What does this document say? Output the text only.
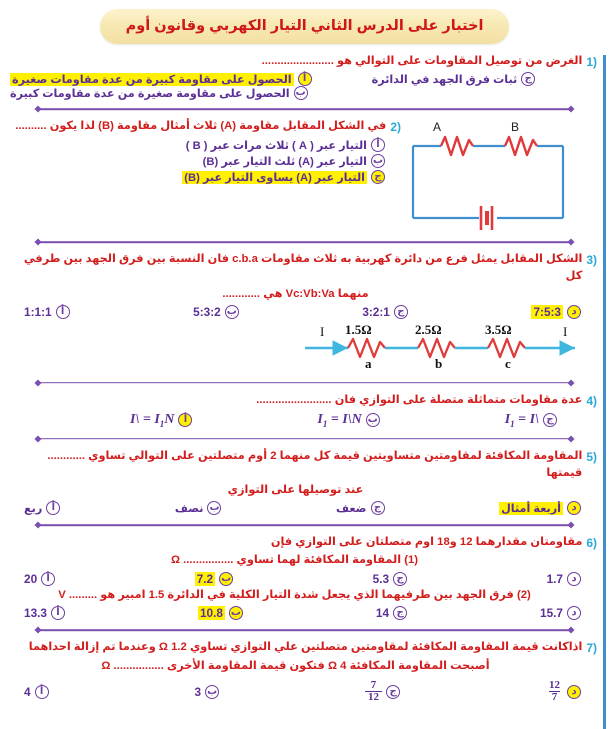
اختبار على الدرس الثاني التيار الكهربي وقانون أوم
1)
الغرض من توصيل المقاومات على التوالي هو .......................
ج
ثبات فرق الجهد في الدائرة
أ
الحصول على مقاومة كبيرة من عدة مقاومات صغيرة
ب
الحصول على مقاومة صغيرة من عدة مقاومات كبيرة
2)
في الشكل المقابل مقاومة (A) ثلاث أمثال مقاومة (B) لذا يكون ..........
أ
التيار عبر ( A ) ثلاث مرات عبر ( B )
ب
التيار عبر (A) ثلث التيار عبر (B)
ج
التيار عبر (A) يساوى التيار عبر (B)
A	B
3)
الشكل المقابل يمثل فرع من دائرة كهربية به ثلاث مقاومات c.b.a فان النسبة بين فرق الجهد بين طرفي كل
منهما Vc:Vb:Va هي ............
د
7:5:3
ج
3:2:1
ب
5:3:2
أ
1:1:1
I 1.5Ω
a
2.5Ω
b
3.5Ω
c
I
4)
عدة مقاومات متماثلة متصلة على التوازي فان ........................
ج
$I_1$ = I\
ب
$I_1$ = I\N
أ
I\ = $I_1N$
5)
المقاومة المكافئة لمقاومتين متساويتين قيمة كل منهما 2 أوم متصلتين على التوالي تساوي ............ قيمتها
عند توصيلها على التوازي
د
أربعة أمثال
ج
ضعف
ب
نصف
أ
ربع
6)
مقاومتان مقدارهما 12 و18 اوم متصلتان على التوازي فإن
(1) المقاومة المكافئة لهما تساوي ................ Ω
د
1.7
ج
5.3
ب
7.2
أ
20
(2) فرق الجهد بين طرفيهما الذي يجعل شدة التيار الكلية في الدائرة 1.5 امبير هو ......... V
د
15.7
ج
14
ب
10.8
أ
13.3
7)
اذاكانت قيمة المقاومة المكافئة لمقاومتين متصلتين علي التوازي تساوي Ω 1.2 وعندما تم إزالة احداهما
أصبحت المقاومة المكافئة 4 Ω فتكون قيمة المقاومة الأخرى ................ Ω
د
$\frac{12}{7}$
ج
$\frac{7}{12}$
ب
3
أ
4
